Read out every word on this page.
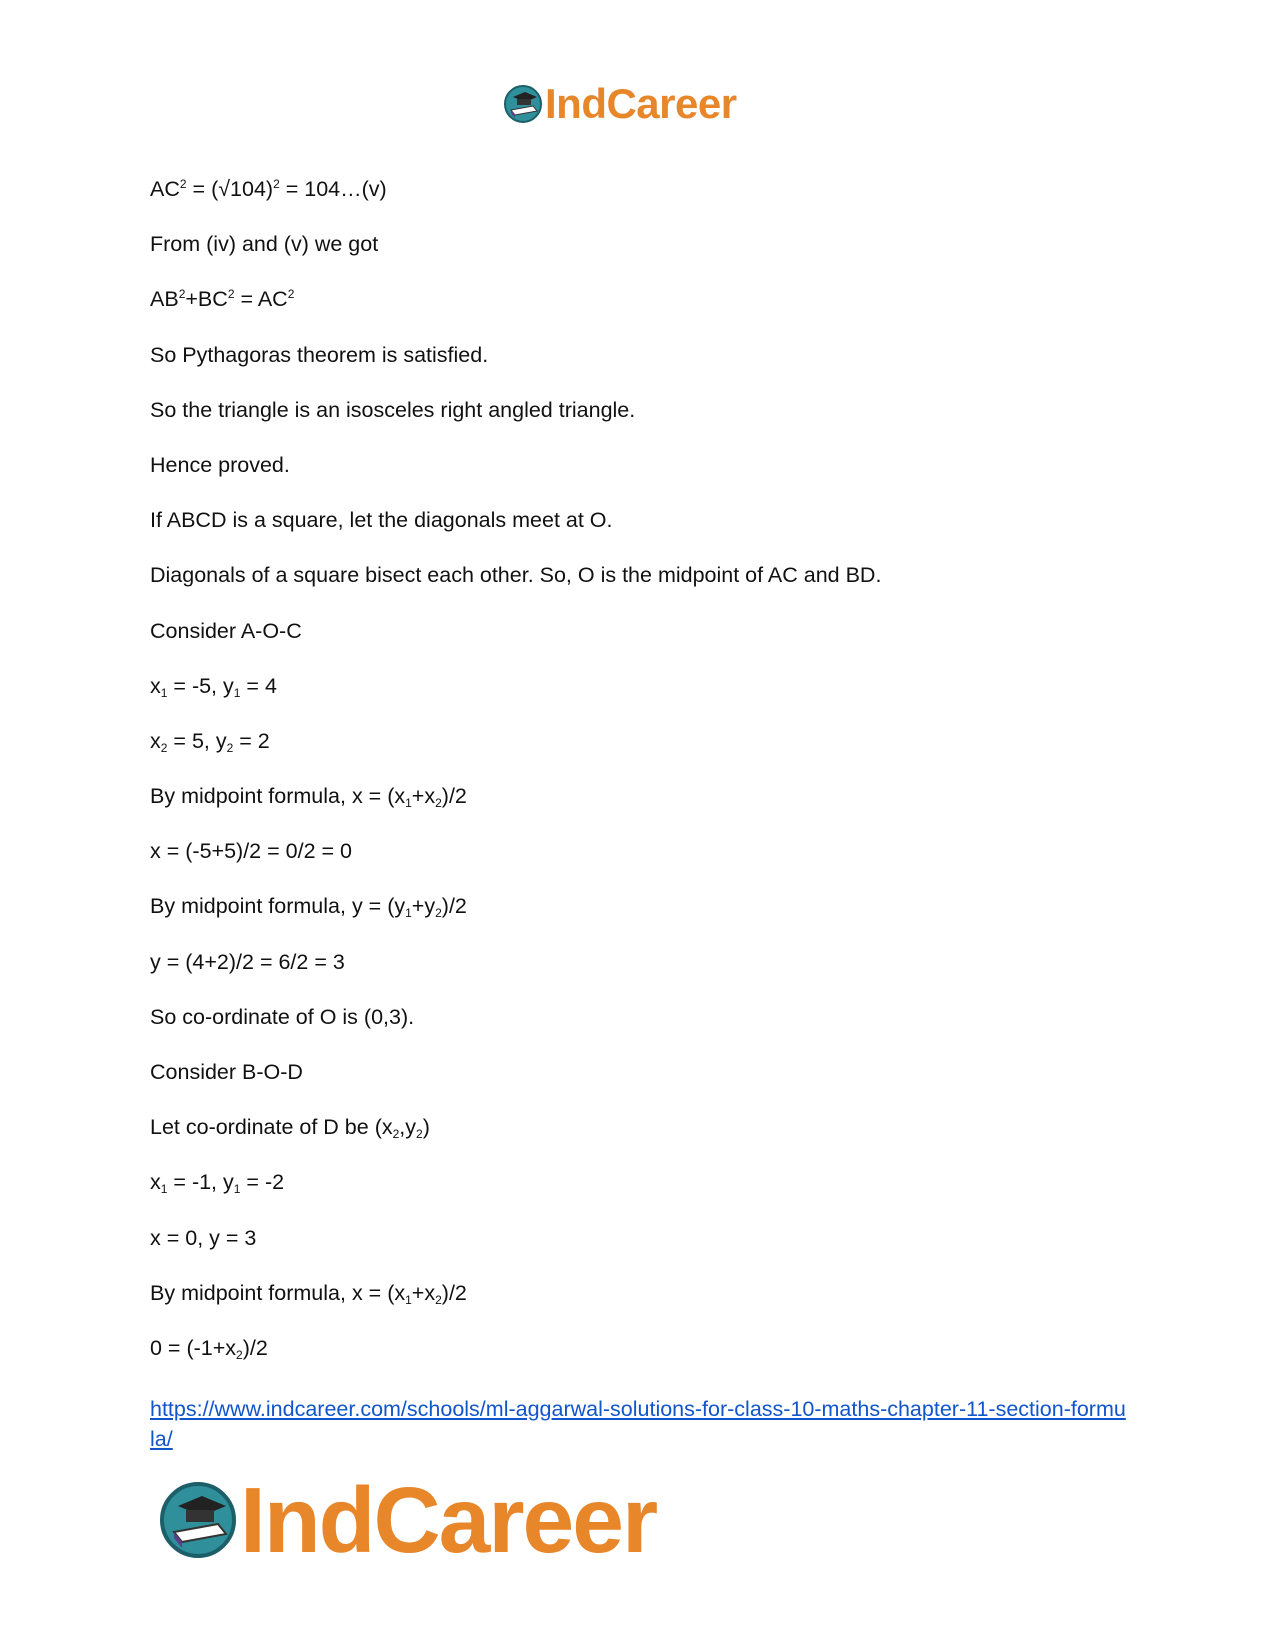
IndCareer
$AC^2 = (√104)^2$ = 104…(v)
From (iv) and (v) we got
$AB^2+BC^2 = AC^2$
So Pythagoras theorem is satisfied.
So the triangle is an isosceles right angled triangle.
Hence proved.
If ABCD is a square, let the diagonals meet at O.
Diagonals of a square bisect each other. So, O is the midpoint of AC and BD.
Consider A-O-C
$x_1 = -5$, $y_1 = 4$
$x_2 = 5$, $y_2 = 2$
By midpoint formula, $x = (x_1+x_2)/2$
x = (-5+5)/2 = 0/2 = 0
By midpoint formula, $y = (y_1+y_2)/2$
y = (4+2)/2 = 6/2 = 3
So co-ordinate of O is (0,3).
Consider B-O-D
Let co-ordinate of D be $(x_2,y_2)$
$x_1 = -1$, $y_1 = -2$
x = 0, y = 3
By midpoint formula, $x = (x_1+x_2)/2$
$0 = (-1+x_2)/2$
https://www.indcareer.com/schools/ml-aggarwal-solutions-for-class-10-maths-chapter-11-section-formula/
IndCareer
